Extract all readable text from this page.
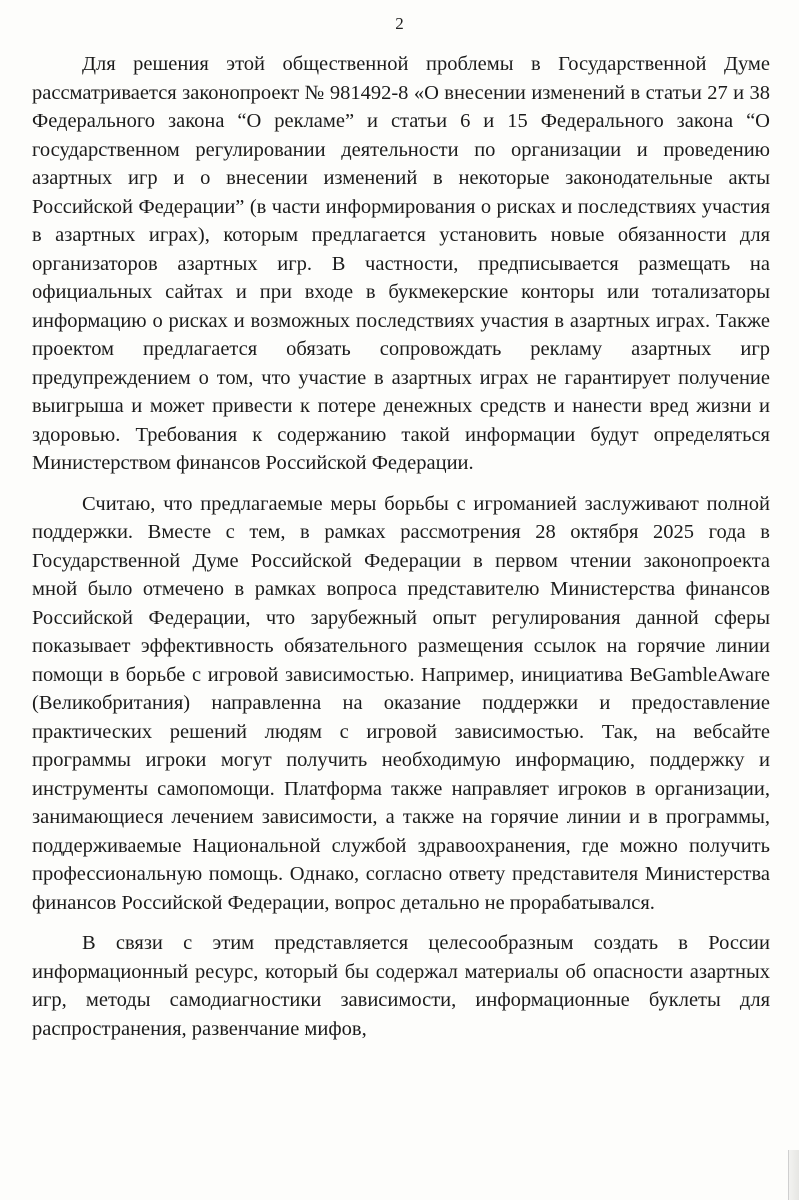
2

Для решения этой общественной проблемы в Государственной Думе рассматривается законопроект № 981492-8 «О внесении изменений в статьи 27 и 38 Федерального закона “О рекламе” и статьи 6 и 15 Федерального закона “О государственном регулировании деятельности по организации и проведению азартных игр и о внесении изменений в некоторые законодательные акты Российской Федерации” (в части информирования о рисках и последствиях участия в азартных играх), которым предлагается установить новые обязанности для организаторов азартных игр. В частности, предписывается размещать на официальных сайтах и при входе в букмекерские конторы или тотализаторы информацию о рисках и возможных последствиях участия в азартных играх. Также проектом предлагается обязать сопровождать рекламу азартных игр предупреждением о том, что участие в азартных играх не гарантирует получение выигрыша и может привести к потере денежных средств и нанести вред жизни и здоровью. Требования к содержанию такой информации будут определяться Министерством финансов Российской Федерации.

Считаю, что предлагаемые меры борьбы с игроманией заслуживают полной поддержки. Вместе с тем, в рамках рассмотрения 28 октября 2025 года в Государственной Думе Российской Федерации в первом чтении законопроекта мной было отмечено в рамках вопроса представителю Министерства финансов Российской Федерации, что зарубежный опыт регулирования данной сферы показывает эффективность обязательного размещения ссылок на горячие линии помощи в борьбе с игровой зависимостью. Например, инициатива BeGambleAware (Великобритания) направленна на оказание поддержки и предоставление практических решений людям с игровой зависимостью. Так, на вебсайте программы игроки могут получить необходимую информацию, поддержку и инструменты самопомощи. Платформа также направляет игроков в организации, занимающиеся лечением зависимости, а также на горячие линии и в программы, поддерживаемые Национальной службой здравоохранения, где можно получить профессиональную помощь. Однако, согласно ответу представителя Министерства финансов Российской Федерации, вопрос детально не прорабатывался.

В связи с этим представляется целесообразным создать в России информационный ресурс, который бы содержал материалы об опасности азартных игр, методы самодиагностики зависимости, информационные буклеты для распространения, развенчание мифов,
